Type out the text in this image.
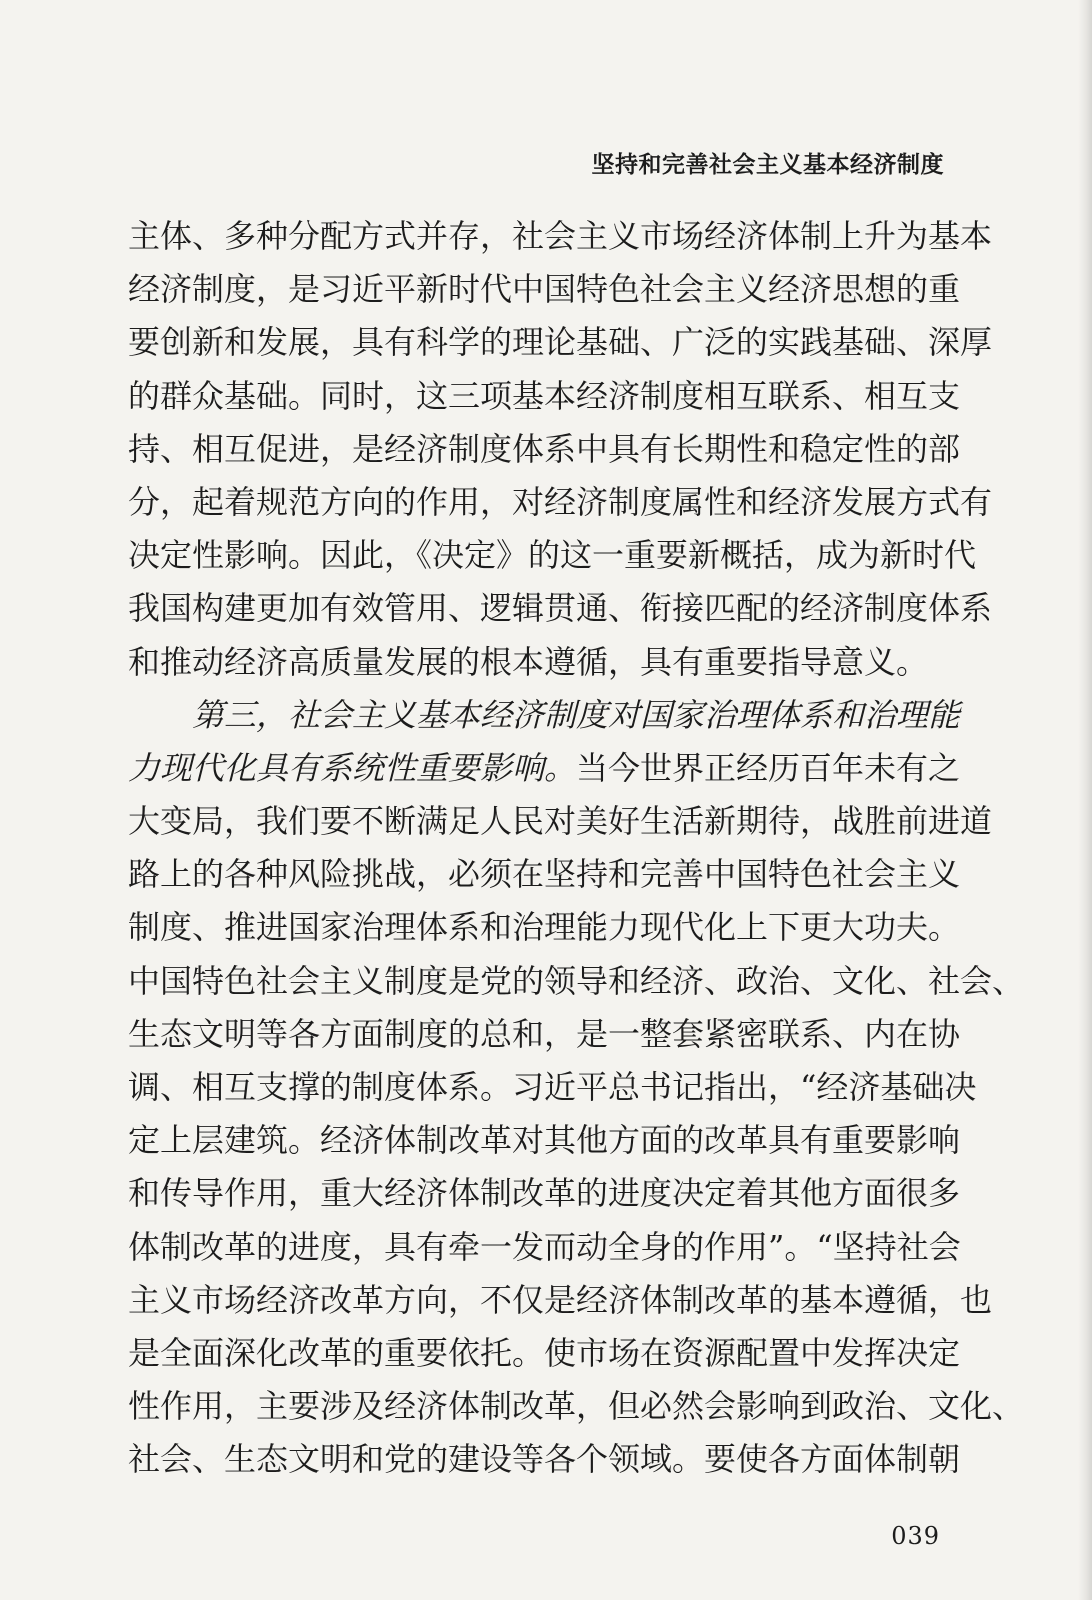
坚持和完善社会主义基本经济制度
主体、多种分配方式并存，社会主义市场经济体制上升为基本
经济制度，是习近平新时代中国特色社会主义经济思想的重
要创新和发展，具有科学的理论基础、广泛的实践基础、深厚
的群众基础。同时，这三项基本经济制度相互联系、相互支
持、相互促进，是经济制度体系中具有长期性和稳定性的部
分，起着规范方向的作用，对经济制度属性和经济发展方式有
决定性影响。因此，《决定》的这一重要新概括，成为新时代
我国构建更加有效管用、逻辑贯通、衔接匹配的经济制度体系
和推动经济高质量发展的根本遵循，具有重要指导意义。
第三，社会主义基本经济制度对国家治理体系和治理能
力现代化具有系统性重要影响。当今世界正经历百年未有之
大变局，我们要不断满足人民对美好生活新期待，战胜前进道
路上的各种风险挑战，必须在坚持和完善中国特色社会主义
制度、推进国家治理体系和治理能力现代化上下更大功夫。
中国特色社会主义制度是党的领导和经济、政治、文化、社会、
生态文明等各方面制度的总和，是一整套紧密联系、内在协
调、相互支撑的制度体系。习近平总书记指出，“经济基础决
定上层建筑。经济体制改革对其他方面的改革具有重要影响
和传导作用，重大经济体制改革的进度决定着其他方面很多
体制改革的进度，具有牵一发而动全身的作用”。“坚持社会
主义市场经济改革方向，不仅是经济体制改革的基本遵循，也
是全面深化改革的重要依托。使市场在资源配置中发挥决定
性作用，主要涉及经济体制改革，但必然会影响到政治、文化、
社会、生态文明和党的建设等各个领域。要使各方面体制朝
039
